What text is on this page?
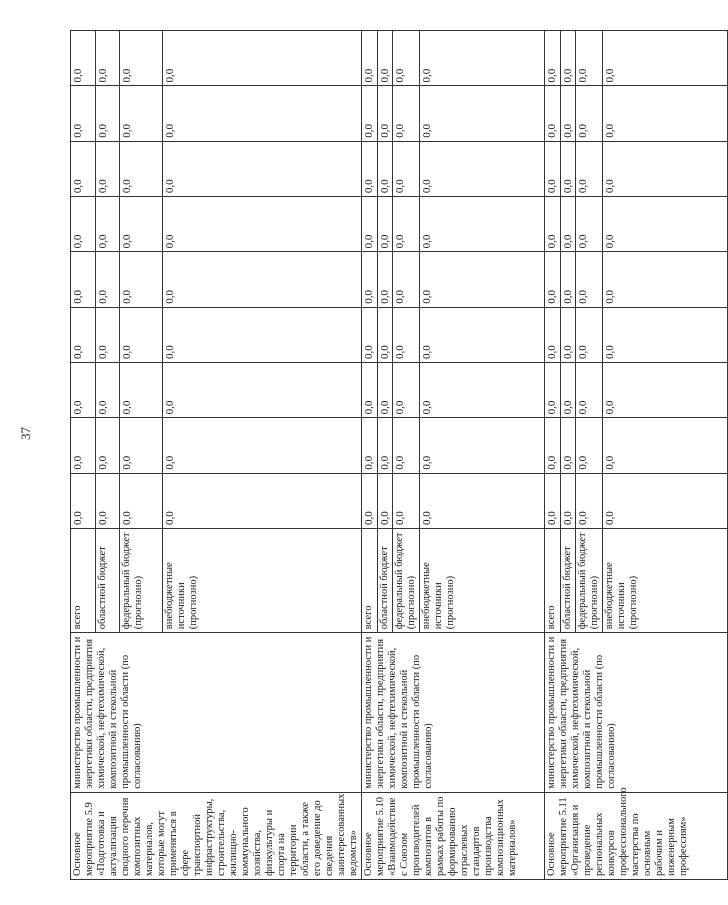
37
Основное мероприятие 5.9 «Подготовка и актуализация сводного перечня композитных материалов, которые могут применяться в сфере транспортной инфраструктуры, строительства, жилищно-коммунального хозяйства, физкультуры и спорта на территории области, а также его доведение до сведения заинтересованных ведомств»	министерство промышленности и энергетики области, предприятия химической, нефтехимической, композитной и стекольной промышленности области (по согласованию)	всего	0,0	0,0	0,0	0,0	0,0	0,0	0,0	0,0	0,0
		областной бюджет	0,0	0,0	0,0	0,0	0,0	0,0	0,0	0,0	0,0
		федеральный бюджет (прогнозно)	0,0	0,0	0,0	0,0	0,0	0,0	0,0	0,0	0,0
		внебюджетные источники (прогнозно)	0,0	0,0	0,0	0,0	0,0	0,0	0,0	0,0	0,0
Основное мероприятие 5.10 «Взаимодействие с Союзом производителей композитов в рамках работы по формированию отраслевых стандартов производства композиционных материалов»	министерство промышленности и энергетики области, предприятия химической, нефтехимической, композитной и стекольной промышленности области (по согласованию)	всего	0,0	0,0	0,0	0,0	0,0	0,0	0,0	0,0	0,0
		областной бюджет	0,0	0,0	0,0	0,0	0,0	0,0	0,0	0,0	0,0
		федеральный бюджет (прогнозно)	0,0	0,0	0,0	0,0	0,0	0,0	0,0	0,0	0,0
		внебюджетные источники (прогнозно)	0,0	0,0	0,0	0,0	0,0	0,0	0,0	0,0	0,0
Основное мероприятие 5.11 «Организация и проведение региональных конкурсов профессионального мастерства по основным рабочим и инженерным профессиям»	министерство промышленности и энергетики области, предприятия химической, нефтехимической, композитной и стекольной промышленности области (по согласованию)	всего	0,0	0,0	0,0	0,0	0,0	0,0	0,0	0,0	0,0
		областной бюджет	0,0	0,0	0,0	0,0	0,0	0,0	0,0	0,0	0,0
		федеральный бюджет (прогнозно)	0,0	0,0	0,0	0,0	0,0	0,0	0,0	0,0	0,0
		внебюджетные источники (прогнозно)	0,0	0,0	0,0	0,0	0,0	0,0	0,0	0,0	0,0
